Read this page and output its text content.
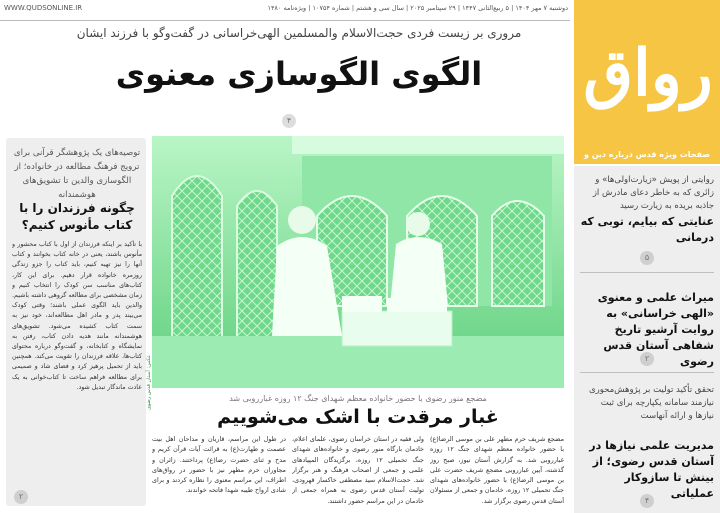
WWW.QUDSONLINE.IR	دوشنبه ۷ مهر ۱۴۰۴ | ۵ ربیع‌الثانی ۱۴۴۷ | ۲۹ سپتامبر ۲۰۲۵ | سال سی و هشتم | شماره ۱۰۷۵۴ | ویژه‌نامه ۱۴۸۰
رواق
صفحات ویژه قدس درباره دین و
مروری بر زیست فردی حجت‌الاسلام والمسلمین الهی‌خراسانی در گفت‌وگو با فرزند ایشان
الگوی الگوسازی معنوی
۴
توصیه‌های یک پژوهشگر قرآنی برای ترویج فرهنگ مطالعه در خانواده؛ از الگوسازی والدین تا تشویق‌های هوشمندانه
چگونه فرزندان را با کتاب مأنوس کنیم؟
با تأکید بر اینکه فرزندان از اول با کتاب محشور و مأنوس باشند، یعنی در خانه کتاب بخوانند و کتاب آنها را نیز تهیه کنیم، باید کتاب را جزو زندگی روزمره خانواده قرار دهیم. برای این کار، کتاب‌های مناسب سن کودک را انتخاب کنیم و زمان مشخصی برای مطالعه گروهی داشته باشیم. والدین باید الگوی عملی باشند؛ وقتی کودک می‌بیند پدر و مادر اهل مطالعه‌اند، خود نیز به سمت کتاب کشیده می‌شود. تشویق‌های هوشمندانه مانند هدیه دادن کتاب، رفتن به نمایشگاه و کتابخانه، و گفت‌وگو درباره محتوای کتاب‌ها، علاقه فرزندان را تقویت می‌کند. همچنین باید از تحمیل پرهیز کرد و فضای شاد و صمیمی برای مطالعه فراهم ساخت تا کتاب‌خوانی به یک عادت ماندگار تبدیل شود.
۲
عکس: آستان قدس رضوی	مضجع منور رضوی با حضور خانواده معظم شهدای جنگ ۱۲ روزه غبارروبی شد
غبار مرقدت با اشک می‌شوییم
مضجع شریف حرم مطهر علی بن موسی الرضا(ع) با حضور خانواده معظم شهدای جنگ ۱۲ روزه غبارروبی شد. به گزارش آستان نیوز، صبح روز گذشته، آیین غبارروبی مضجع شریف حضرت علی بن موسی الرضا(ع) با حضور خانواده‌های شهدای جنگ تحمیلی ۱۲ روزه، خادمان و جمعی از مسئولان آستان قدس رضوی برگزار شد.
ولی فقیه در استان خراسان رضوی، علمای اعلام، خادمان بارگاه منور رضوی و خانواده‌های شهدای جنگ تحمیلی ۱۲ روزه، برگزیدگان المپیادهای علمی و جمعی از اصحاب فرهنگ و هنر برگزار شد. حجت‌الاسلام سید مصطفی خاکسار قهرودی، تولیت آستان قدس رضوی به همراه جمعی از خادمان در این مراسم حضور داشتند.
در طول این مراسم، قاریان و مداحان اهل بیت عصمت و طهارت(ع) به قرائت آیات قرآن کریم و مدح و ثنای حضرت رضا(ع) پرداختند. زائران و مجاوران حرم مطهر نیز با حضور در رواق‌های اطراف، این مراسم معنوی را نظاره کردند و برای شادی ارواح طیبه شهدا فاتحه خواندند.
روایتی از پویش «زیارت‌اولی‌ها» و زائری که به خاطر دعای مادرش از جاذبه بریده به زیارت رسید
عنایتی که بیایم، توبی که درمانی
۵
میراث علمی و معنوی «الهی خراسانی» به روایت آرشیو تاریخ شفاهی آستان قدس رضوی
۲
تحقق تأکید تولیت بر پژوهش‌محوری نیازمند سامانه یکپارچه برای ثبت نیازها و ارائه آنهاست
مدیریت علمی نیازها در آستان قدس رضوی؛ از بینش تا سازوکار عملیاتی
۴
